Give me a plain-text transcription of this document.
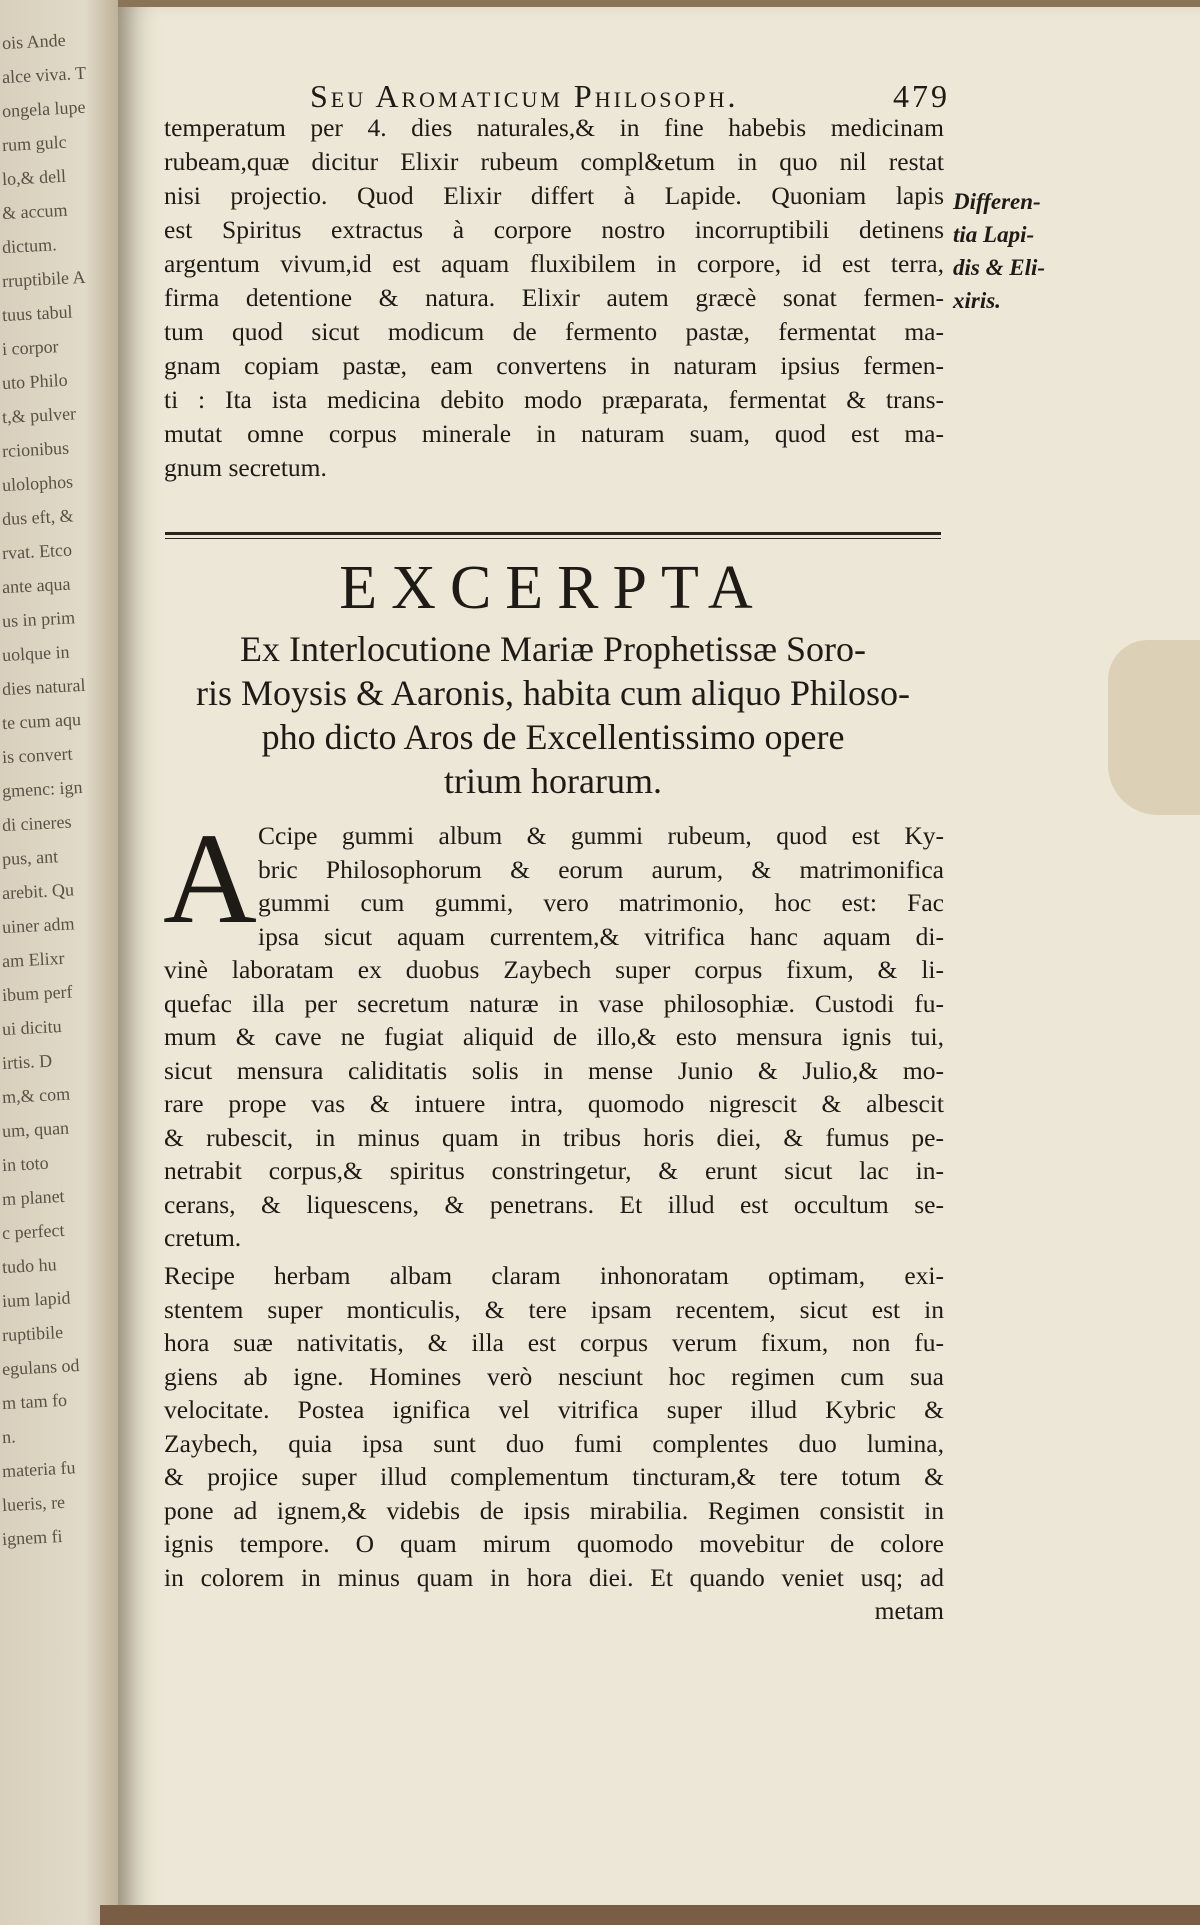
ois Ande
alce viva. T
ongela lupe
rum gulc
lo,& dell
& accum
dictum.
rruptibile A
tuus tabul
i corpor
uto Philo
t,& pulver
rcionibus
ulolophos
dus eft, &
rvat. Etco
ante aqua
us in prim
uolque in
dies natural
te cum aqu
is convert
gmenc: ign
di cineres
pus, ant
arebit. Qu
uiner adm
am Elixr
ibum perf
ui dicitu
irtis. D
m,& com
um, quan
in toto
m planet
c perfect
tudo hu
ium lapid
ruptibile
egulans od
m tam fo
n.
materia fu
lueris, re
ignem fi
Seu Aromaticum Philosoph.	479
temperatum per 4. dies naturales,& in fine habebis medicinam
rubeam,quæ dicitur Elixir rubeum compl&etum in quo nil restat
nisi projectio. Quod Elixir differt à Lapide. Quoniam lapis
est Spiritus extractus à corpore nostro incorruptibili detinens
argentum vivum,id est aquam fluxibilem in corpore, id est terra,
firma detentione & natura. Elixir autem græcè sonat fermen-
tum quod sicut modicum de fermento pastæ, fermentat ma-
gnam copiam pastæ, eam convertens in naturam ipsius fermen-
ti : Ita ista medicina debito modo præparata, fermentat & trans-
mutat omne corpus minerale in naturam suam, quod est ma-
gnum secretum.
Differen-
tia Lapi-
dis & Eli-
xiris.
EXCERPTA
Ex Interlocutione Mariæ Prophetissæ Soro-
ris Moysis & Aaronis, habita cum aliquo Philoso-
pho dicto Aros de Excellentissimo opere
trium horarum.
A Ccipe gummi album & gummi rubeum, quod est Ky-
bric Philosophorum & eorum aurum, & matrimonifica
gummi cum gummi, vero matrimonio, hoc est: Fac
ipsa sicut aquam currentem,& vitrifica hanc aquam di-
vinè laboratam ex duobus Zaybech super corpus fixum, & li-
quefac illa per secretum naturæ in vase philosophiæ. Custodi fu-
mum & cave ne fugiat aliquid de illo,& esto mensura ignis tui,
sicut mensura caliditatis solis in mense Junio & Julio,& mo-
rare prope vas & intuere intra, quomodo nigrescit & albescit
& rubescit, in minus quam in tribus horis diei, & fumus pe-
netrabit corpus,& spiritus constringetur, & erunt sicut lac in-
cerans, & liquescens, & penetrans. Et illud est occultum se-
cretum.
Recipe herbam albam claram inhonoratam optimam, exi-
stentem super monticulis, & tere ipsam recentem, sicut est in
hora suæ nativitatis, & illa est corpus verum fixum, non fu-
giens ab igne. Homines verò nesciunt hoc regimen cum sua
velocitate. Postea ignifica vel vitrifica super illud Kybric &
Zaybech, quia ipsa sunt duo fumi complentes duo lumina,
& projice super illud complementum tincturam,& tere totum &
pone ad ignem,& videbis de ipsis mirabilia. Regimen consistit in
ignis tempore. O quam mirum quomodo movebitur de colore
in colorem in minus quam in hora diei. Et quando veniet usq; ad
metam
